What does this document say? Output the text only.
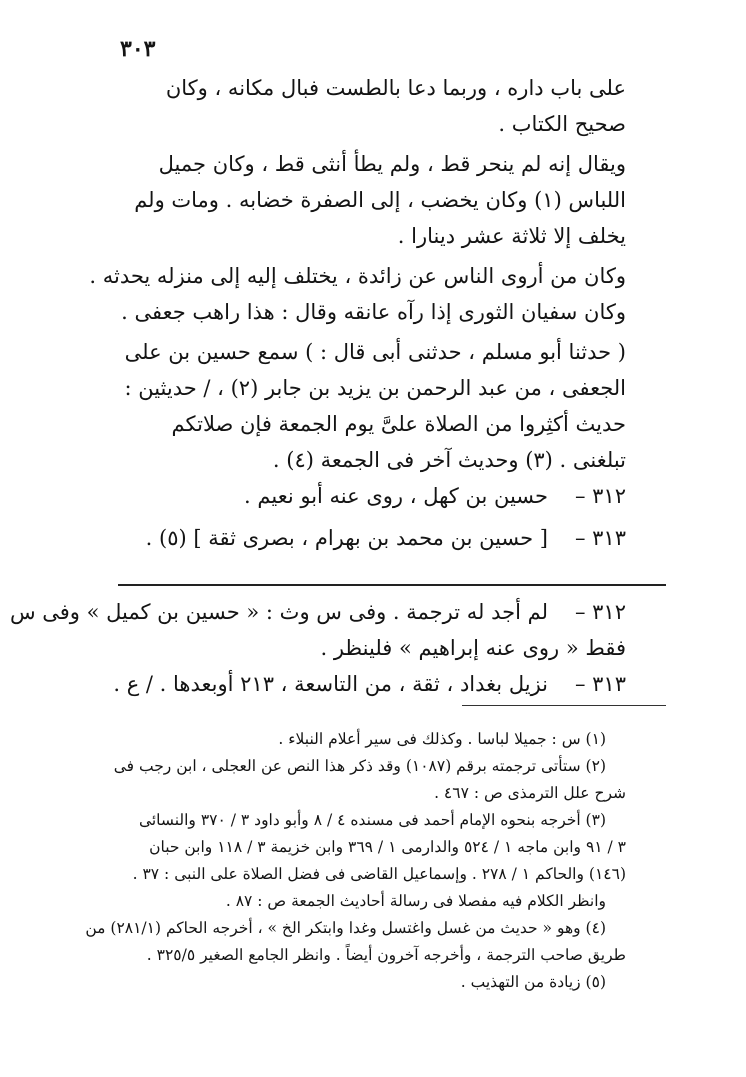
٣٠٣
على باب داره ، وربما دعا بالطست فبال مكانه ، وكان
صحيح الكتاب .
ويقال إنه لم ينحر قط ، ولم يطأ أنثى قط ، وكان جميل
اللباس (١) وكان يخضب ، إلى الصفرة خضابه . ومات ولم
يخلف إلا ثلاثة عشر دينارا .
وكان من أروى الناس عن زائدة ، يختلف إليه إلى منزله يحدثه .
وكان سفيان الثورى إذا رآه عانقه وقال : هذا راهب جعفى .
( حدثنا أبو مسلم ، حدثنى أبى قال : ) سمع حسين بن على
الجعفى ، من عبد الرحمن بن يزيد بن جابر (٢) ، / حديثين :
حديث أكثِروا من الصلاة علىَّ يوم الجمعة فإن صلاتكم
تبلغنى . (٣) وحديث آخر فى الجمعة (٤) .
٣١٢ –
حسين بن كهل ، روى عنه أبو نعيم .
٣١٣ –
[ حسين بن محمد بن بهرام ، بصرى ثقة ] (٥) .
٣١٢ –
لم أجد له ترجمة . وفى س وث : « حسين بن كميل » وفى س
فقط « روى عنه إبراهيم » فلينظر .
٣١٣ –
نزيل بغداد ، ثقة ، من التاسعة ، ٢١٣ أوبعدها . / ع .
(١) س : جميلا لباسا . وكذلك فى سير أعلام النبلاء .
(٢) ستأتى ترجمته برقم (١٠٨٧) وقد ذكر هذا النص عن العجلى ، ابن رجب فى
شرح علل الترمذى ص : ٤٦٧ .
(٣) أخرجه بنحوه الإمام أحمد فى مسنده ٤ / ٨ وأبو داود ٣ / ٣٧٠ والنسائى
٣ / ٩١ وابن ماجه ١ / ٥٢٤ والدارمى ١ / ٣٦٩ وابن خزيمة ٣ / ١١٨ وابن حبان
(١٤٦) والحاكم ١ / ٢٧٨ . وإسماعيل القاضى فى فضل الصلاة على النبى : ٣٧ .
وانظر الكلام فيه مفصلا فى رسالة أحاديث الجمعة ص : ٨٧ .
(٤) وهو « حديث من غسل واغتسل وغدا وابتكر الخ » ، أخرجه الحاكم (٢٨١/١) من
طريق صاحب الترجمة ، وأخرجه آخرون أيضاً . وانظر الجامع الصغير ٣٢٥/٥ .
(٥) زيادة من التهذيب .
